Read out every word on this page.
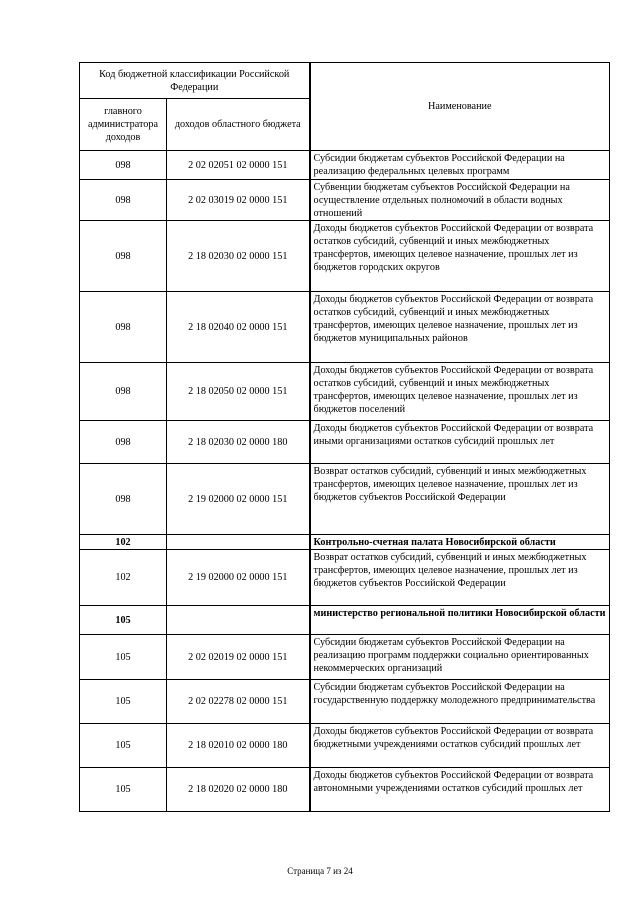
Код бюджетной классификации Российской Федерации		Наименование
главного администратора доходов	доходов областного бюджета	
098	2 02 02051 02 0000 151	Субсидии бюджетам субъектов Российской Федерации на реализацию федеральных целевых программ
098	2 02 03019 02 0000 151	Субвенции бюджетам субъектов Российской Федерации на осуществление отдельных полномочий в области водных отношений
098	2 18 02030 02 0000 151	Доходы бюджетов субъектов Российской Федерации от возврата остатков субсидий, субвенций и иных межбюджетных трансфертов, имеющих целевое назначение, прошлых лет из бюджетов городских округов
098	2 18 02040 02 0000 151	Доходы бюджетов субъектов Российской Федерации от возврата остатков субсидий, субвенций и иных межбюджетных трансфертов, имеющих целевое назначение, прошлых лет из бюджетов муниципальных районов
098	2 18 02050 02 0000 151	Доходы бюджетов субъектов Российской Федерации от возврата остатков субсидий, субвенций и иных межбюджетных трансфертов, имеющих целевое назначение, прошлых лет из бюджетов поселений
098	2 18 02030 02 0000 180	Доходы бюджетов субъектов Российской Федерации от возврата иными организациями остатков субсидий прошлых лет
098	2 19 02000 02 0000 151	Возврат остатков субсидий, субвенций и иных межбюджетных трансфертов, имеющих целевое назначение, прошлых лет из бюджетов субъектов Российской Федерации
102		Контрольно-счетная палата Новосибирской области
102	2 19 02000 02 0000 151	Возврат остатков субсидий, субвенций и иных межбюджетных трансфертов, имеющих целевое назначение, прошлых лет из бюджетов субъектов Российской Федерации
105		министерство региональной политики Новосибирской области
105	2 02 02019 02 0000 151	Субсидии бюджетам субъектов Российской Федерации на реализацию программ поддержки социально ориентированных некоммерческих организаций
105	2 02 02278 02 0000 151	Субсидии бюджетам субъектов Российской Федерации на государственную поддержку молодежного предпринимательства
105	2 18 02010 02 0000 180	Доходы бюджетов субъектов Российской Федерации от возврата бюджетными учреждениями остатков субсидий прошлых лет
105	2 18 02020 02 0000 180	Доходы бюджетов субъектов Российской Федерации от возврата автономными учреждениями остатков субсидий прошлых лет
Страница 7 из 24
